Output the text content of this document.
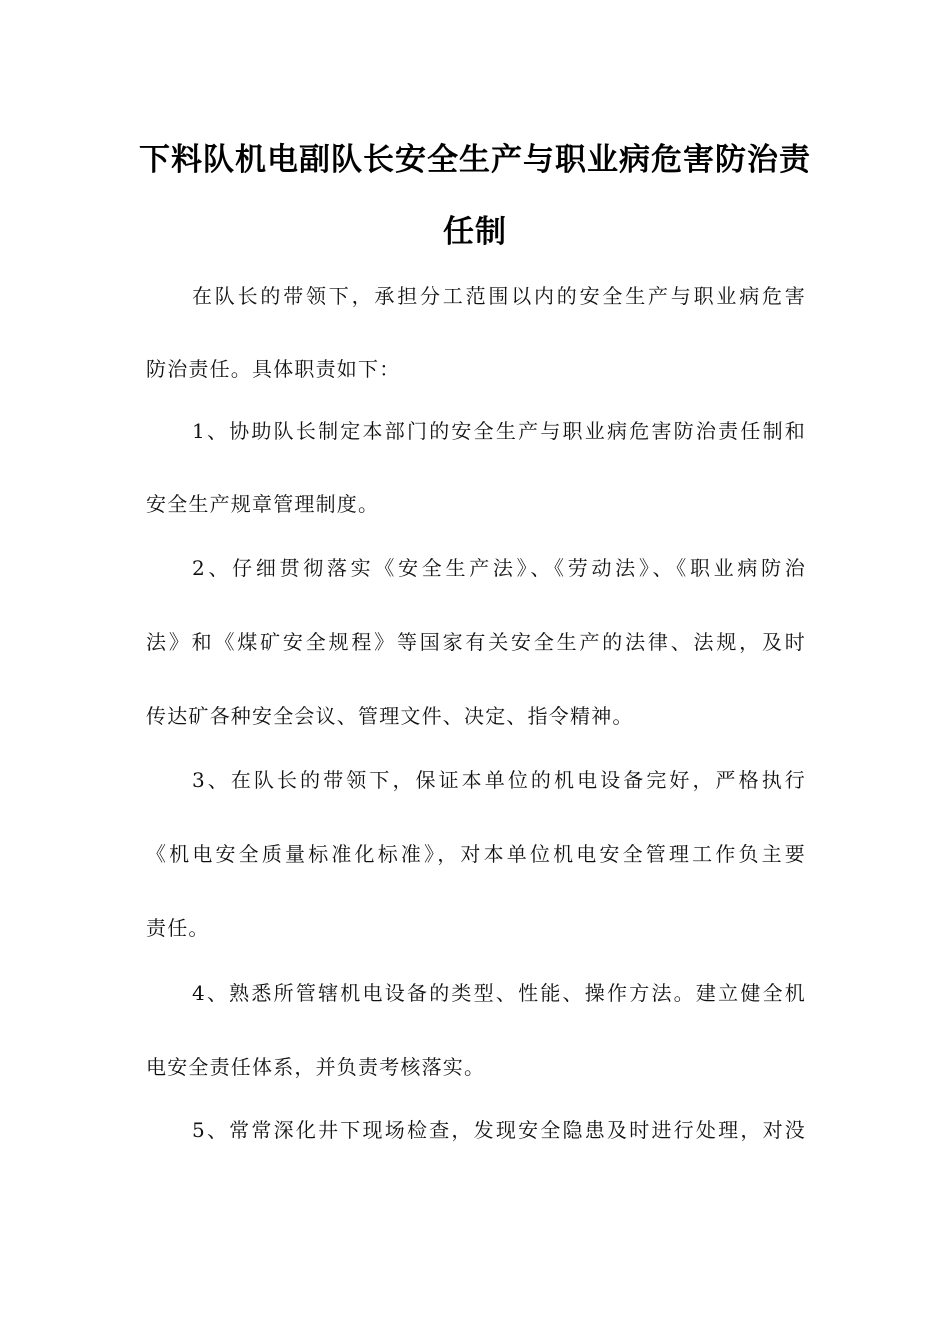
下料队机电副队长安全生产与职业病危害防治责
任制
在队长的带领下，承担分工范围以内的安全生产与职业病危害
防治责任。具体职责如下：
1、协助队长制定本部门的安全生产与职业病危害防治责任制和
安全生产规章管理制度。
2、仔细贯彻落实《安全生产法》、《劳动法》、《职业病防治
法》和《煤矿安全规程》等国家有关安全生产的法律、法规，及时
传达矿各种安全会议、管理文件、决定、指令精神。
3、在队长的带领下，保证本单位的机电设备完好，严格执行
《机电安全质量标准化标准》，对本单位机电安全管理工作负主要
责任。
4、熟悉所管辖机电设备的类型、性能、操作方法。建立健全机
电安全责任体系，并负责考核落实。
5、常常深化井下现场检查，发现安全隐患及时进行处理，对没
